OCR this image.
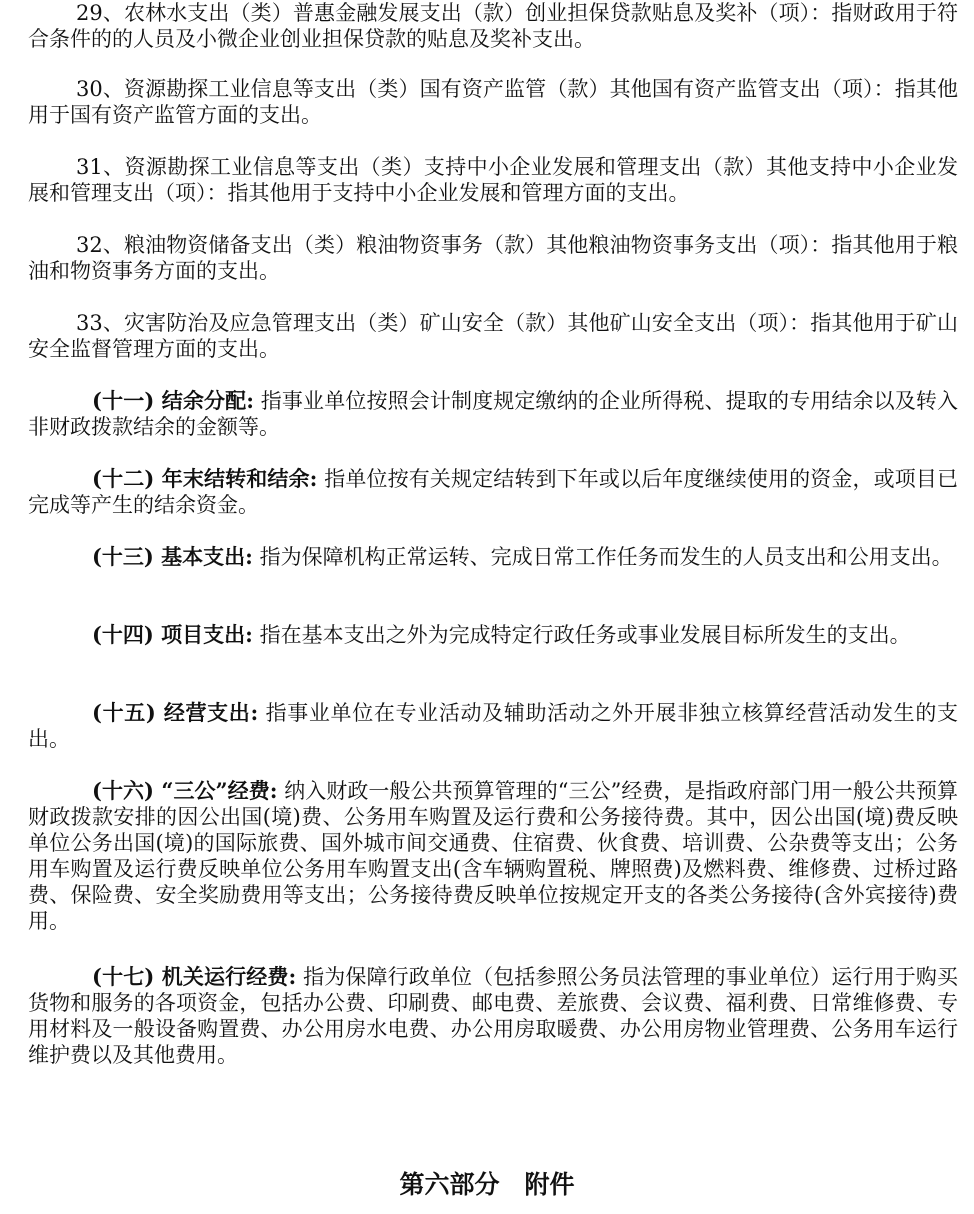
29、农林水支出（类）普惠金融发展支出（款）创业担保贷款贴息及奖补（项）：指财政用于符合条件的的人员及小微企业创业担保贷款的贴息及奖补支出。

30、资源勘探工业信息等支出（类）国有资产监管（款）其他国有资产监管支出（项）：指其他用于国有资产监管方面的支出。

31、资源勘探工业信息等支出（类）支持中小企业发展和管理支出（款）其他支持中小企业发展和管理支出（项）：指其他用于支持中小企业发展和管理方面的支出。

32、粮油物资储备支出（类）粮油物资事务（款）其他粮油物资事务支出（项）：指其他用于粮油和物资事务方面的支出。

33、灾害防治及应急管理支出（类）矿山安全（款）其他矿山安全支出（项）：指其他用于矿山安全监督管理方面的支出。

(十一) 结余分配: 指事业单位按照会计制度规定缴纳的企业所得税、提取的专用结余以及转入非财政拨款结余的金额等。

(十二) 年末结转和结余: 指单位按有关规定结转到下年或以后年度继续使用的资金，或项目已完成等产生的结余资金。

(十三) 基本支出: 指为保障机构正常运转、完成日常工作任务而发生的人员支出和公用支出。

(十四) 项目支出: 指在基本支出之外为完成特定行政任务或事业发展目标所发生的支出。

(十五) 经营支出: 指事业单位在专业活动及辅助活动之外开展非独立核算经营活动发生的支出。

(十六) “三公”经费: 纳入财政一般公共预算管理的“三公”经费，是指政府部门用一般公共预算财政拨款安排的因公出国(境)费、公务用车购置及运行费和公务接待费。其中，因公出国(境)费反映单位公务出国(境)的国际旅费、国外城市间交通费、住宿费、伙食费、培训费、公杂费等支出；公务用车购置及运行费反映单位公务用车购置支出(含车辆购置税、牌照费)及燃料费、维修费、过桥过路费、保险费、安全奖励费用等支出；公务接待费反映单位按规定开支的各类公务接待(含外宾接待)费用。

(十七) 机关运行经费: 指为保障行政单位（包括参照公务员法管理的事业单位）运行用于购买货物和服务的各项资金，包括办公费、印刷费、邮电费、差旅费、会议费、福利费、日常维修费、专用材料及一般设备购置费、办公用房水电费、办公用房取暖费、办公用房物业管理费、公务用车运行维护费以及其他费用。

第六部分　附件
